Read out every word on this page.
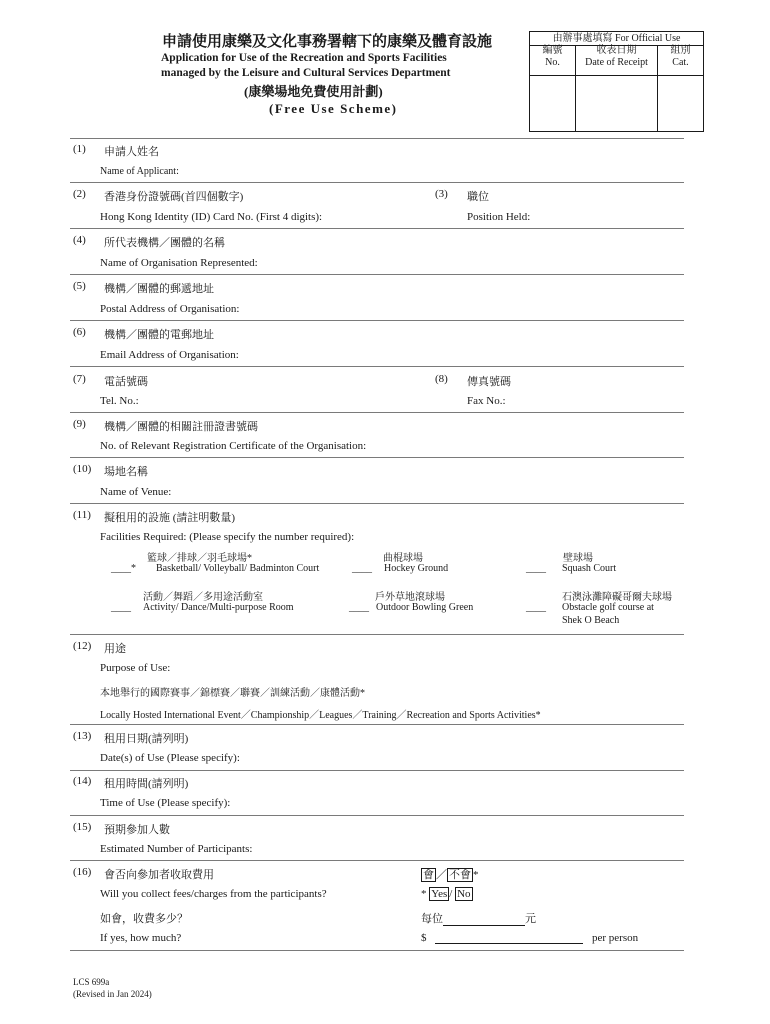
申請使用康樂及文化事務署轄下的康樂及體育設施
Application for Use of the Recreation and Sports Facilities
managed by the Leisure and Cultural Services Department
(康樂場地免費使用計劃)
(Free Use Scheme)
由辦事處填寫 For Official Use
編號
No.
收表日期
Date of Receipt
組別
Cat.
(1) 申請人姓名
Name of Applicant:
(2) 香港身份證號碼(首四個數字)
Hong Kong Identity (ID) Card No. (First 4 digits):
(3) 職位
Position Held:
(4) 所代表機構／團體的名稱
Name of Organisation Represented:
(5) 機構／團體的郵遞地址
Postal Address of Organisation:
(6) 機構／團體的電郵地址
Email Address of Organisation:
(7) 電話號碼
Tel. No.:
(8) 傳真號碼
Fax No.:
(9) 機構／團體的相關註冊證書號碼
No. of Relevant Registration Certificate of the Organisation:
(10) 場地名稱
Name of Venue:
(11) 擬租用的設施 (請註明數量)
Facilities Required: (Please specify the number required):
籃球／排球／羽毛球場*
____* Basketball/ Volleyball/ Badminton Court
曲棍球場
____ Hockey Ground
壁球場
____ Squash Court
活動／舞蹈／多用途活動室
____ Activity/ Dance/Multi-purpose Room
戶外草地滾球場
____ Outdoor Bowling Green
石澳泳灘障礙哥爾夫球場
____ Obstacle golf course at
Shek O Beach
(12) 用途
Purpose of Use:
本地舉行的國際賽事／錦標賽／聯賽／訓練活動／康體活動*
Locally Hosted International Event／Championship／Leagues／Training／Recreation and Sports Activities*
(13) 租用日期(請列明)
Date(s) of Use (Please specify):
(14) 租用時間(請列明)
Time of Use (Please specify):
(15) 預期參加人數
Estimated Number of Participants:
(16) 會否向參加者收取費用
Will you collect fees/charges from the participants?
會 ／ 不會 *
* Yes / No
如會，收費多少？	每位	元
If yes, how much?	$	per person
LCS 699a
(Revised in Jan 2024)
